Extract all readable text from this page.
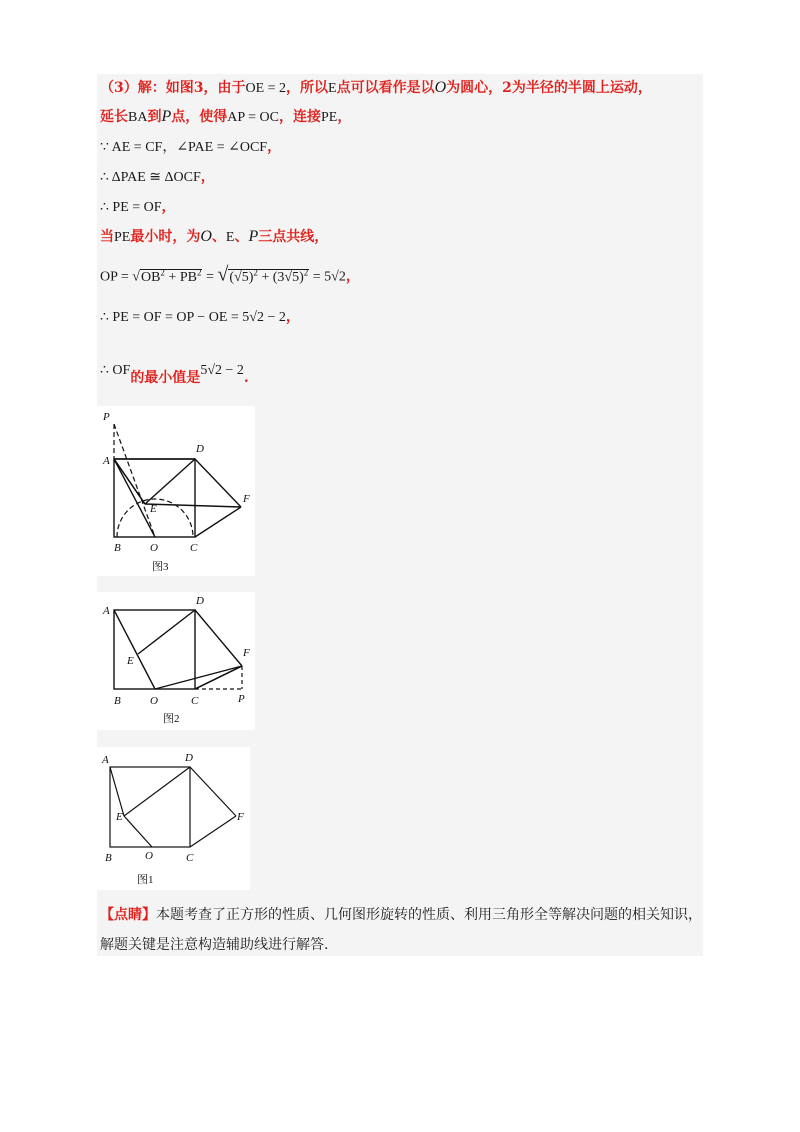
（3）解：如图3，由于OE = 2，所以E点可以看作是以O为圆心，2为半径的半圆上运动，
延长BA到P点，使得AP = OC，连接PE，
∵ AE = CF，∠PAE = ∠OCF，
∴ ΔPAE ≅ ΔOCF，
∴ PE = OF，
当PE最小时，为O、E、P三点共线，
OP = $√OB^2 + PB^2 = √(√5)^2 + (3√5)^2 = 5√2$，
∴ PE = OF = OP − OE = 5√2 − 2，
∴ OF的最小值是5√2 − 2.
P
A
D
E
F
B	O	C
图3
A
D
E
F
B	O	C	P
图2
A	D
E	F
B	O	C
图1
【点睛】本题考查了正方形的性质、几何图形旋转的性质、利用三角形全等解决问题的相关知识，
解题关键是注意构造辅助线进行解答.
